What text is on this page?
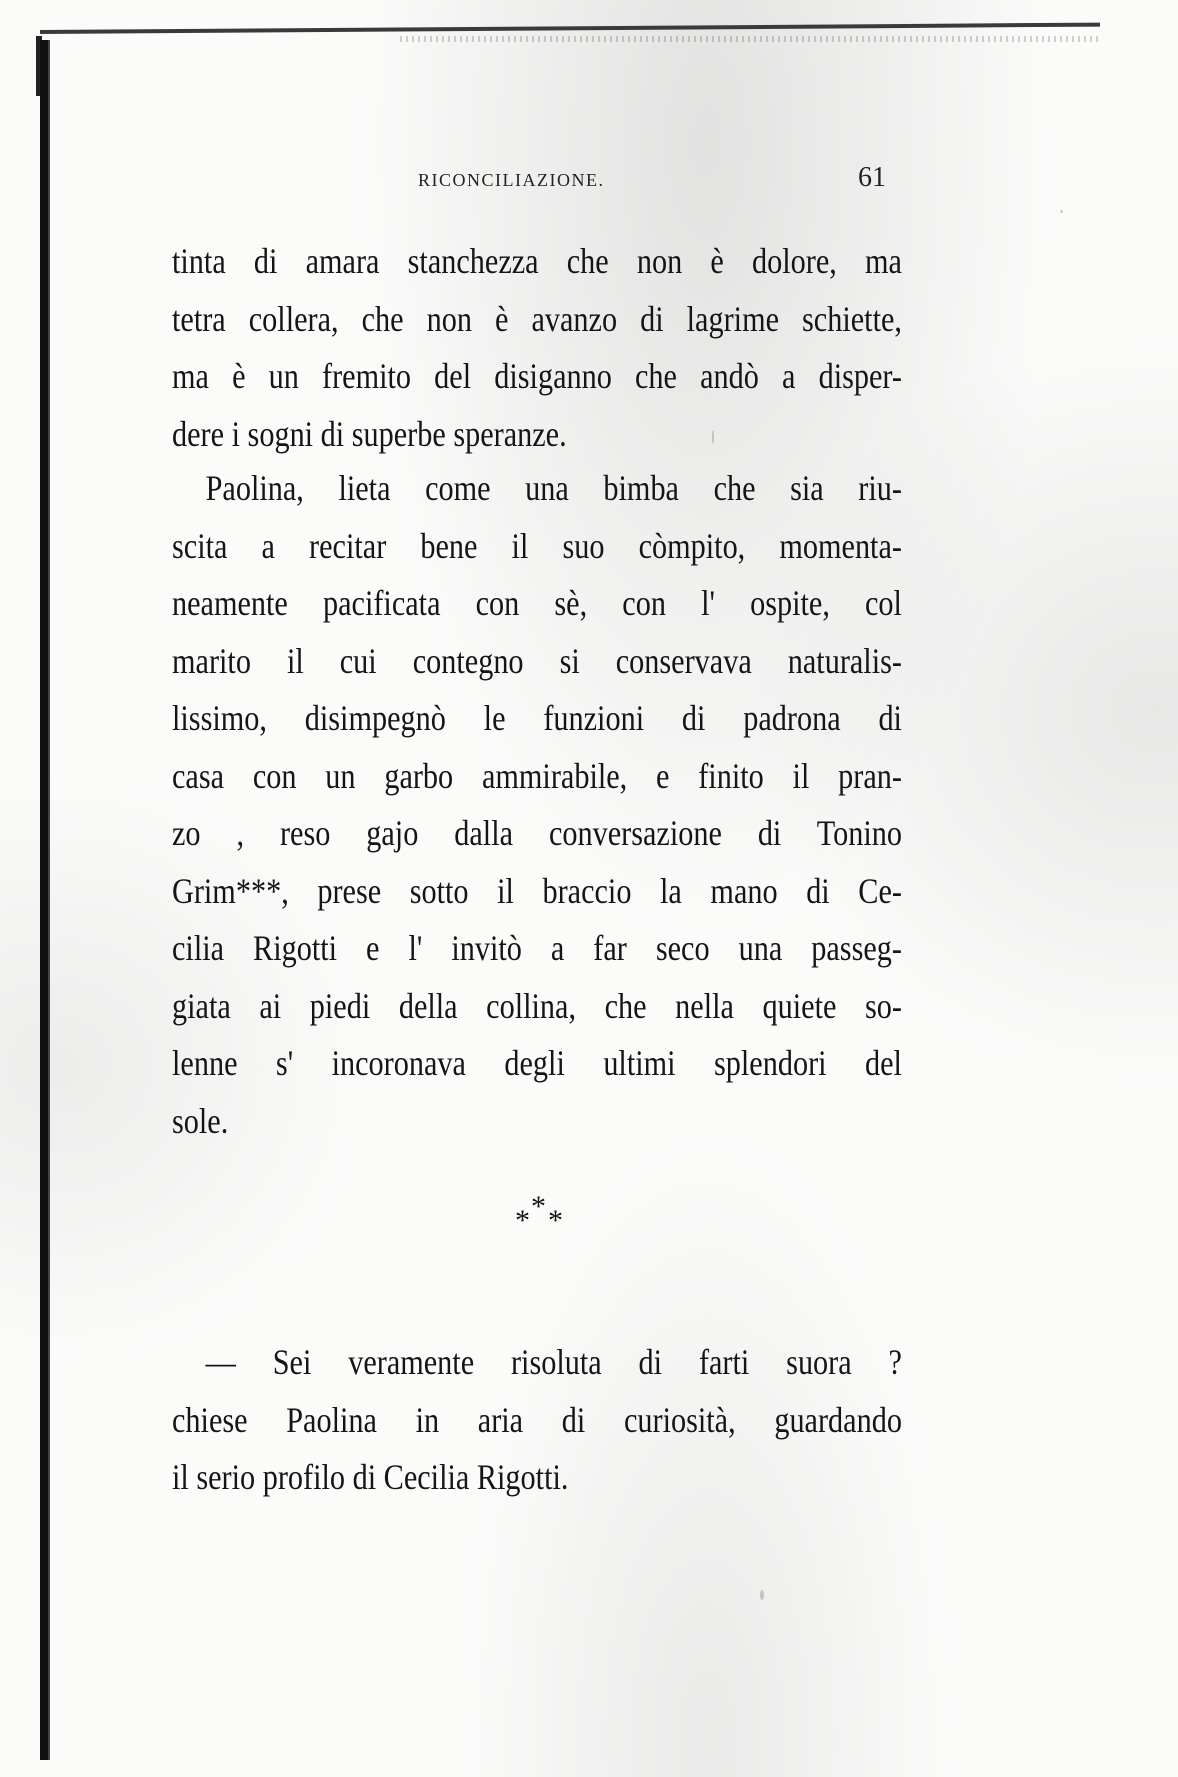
RICONCILIAZIONE.	61
tinta di amara stanchezza che non è dolore, ma
tetra collera, che non è avanzo di lagrime schiette,
ma è un fremito del disiganno che andò a disper-
dere i sogni di superbe speranze.
Paolina, lieta come una bimba che sia riu-
scita a recitar bene il suo còmpito, momenta-
neamente pacificata con sè, con l' ospite, col
marito il cui contegno si conservava naturalis-
lissimo, disimpegnò le funzioni di padrona di
casa con un garbo ammirabile, e finito il pran-
zo , reso gajo dalla conversazione di Tonino
Grim***, prese sotto il braccio la mano di Ce-
cilia Rigotti e l' invitò a far seco una passeg-
giata ai piedi della collina, che nella quiete so-
lenne s' incoronava degli ultimi splendori del
sole.
*
* *
— Sei veramente risoluta di farti suora ?
chiese Paolina in aria di curiosità, guardando
il serio profilo di Cecilia Rigotti.
